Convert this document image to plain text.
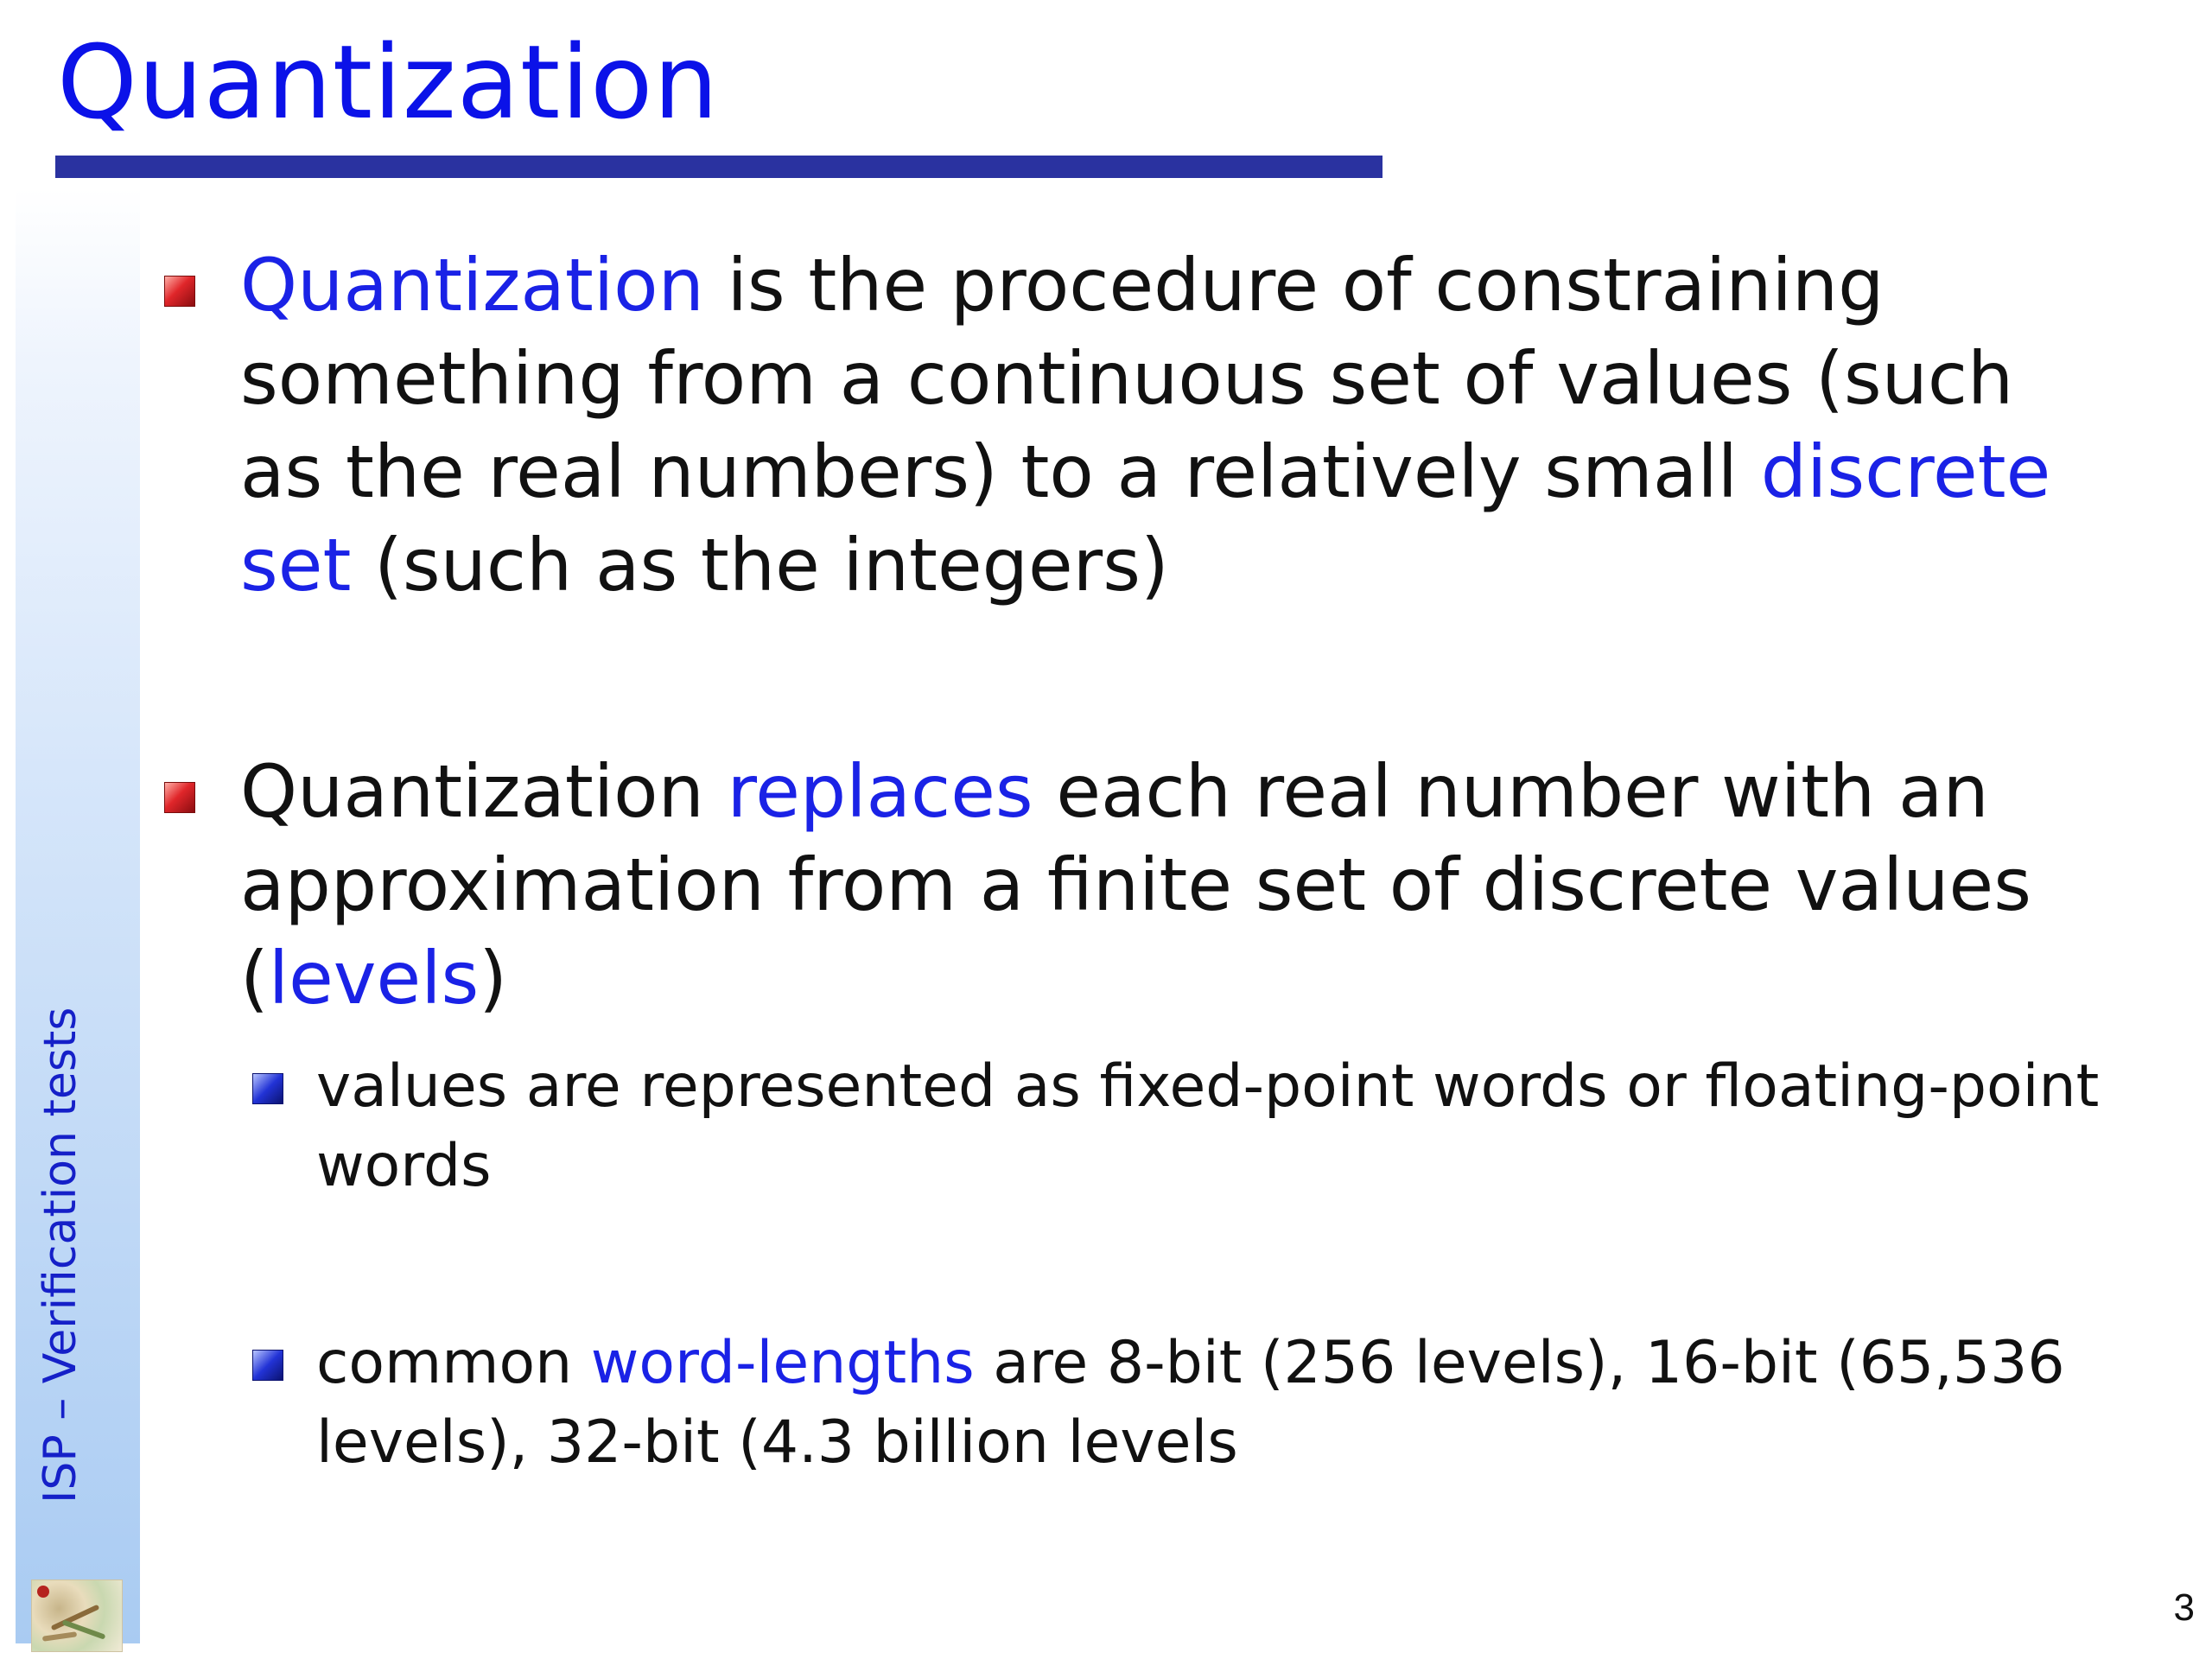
Quantization
ISP – Verification tests
Quantization is the procedure of constraining something from a continuous set of values (such as the real numbers) to a relatively small discrete set (such as the integers)
Quantization replaces each real number with an approximation from a finite set of discrete values (levels)
values are represented as fixed-point words or floating-point words
common word-lengths are 8-bit (256 levels), 16-bit (65,536 levels), 32-bit (4.3 billion levels
3
